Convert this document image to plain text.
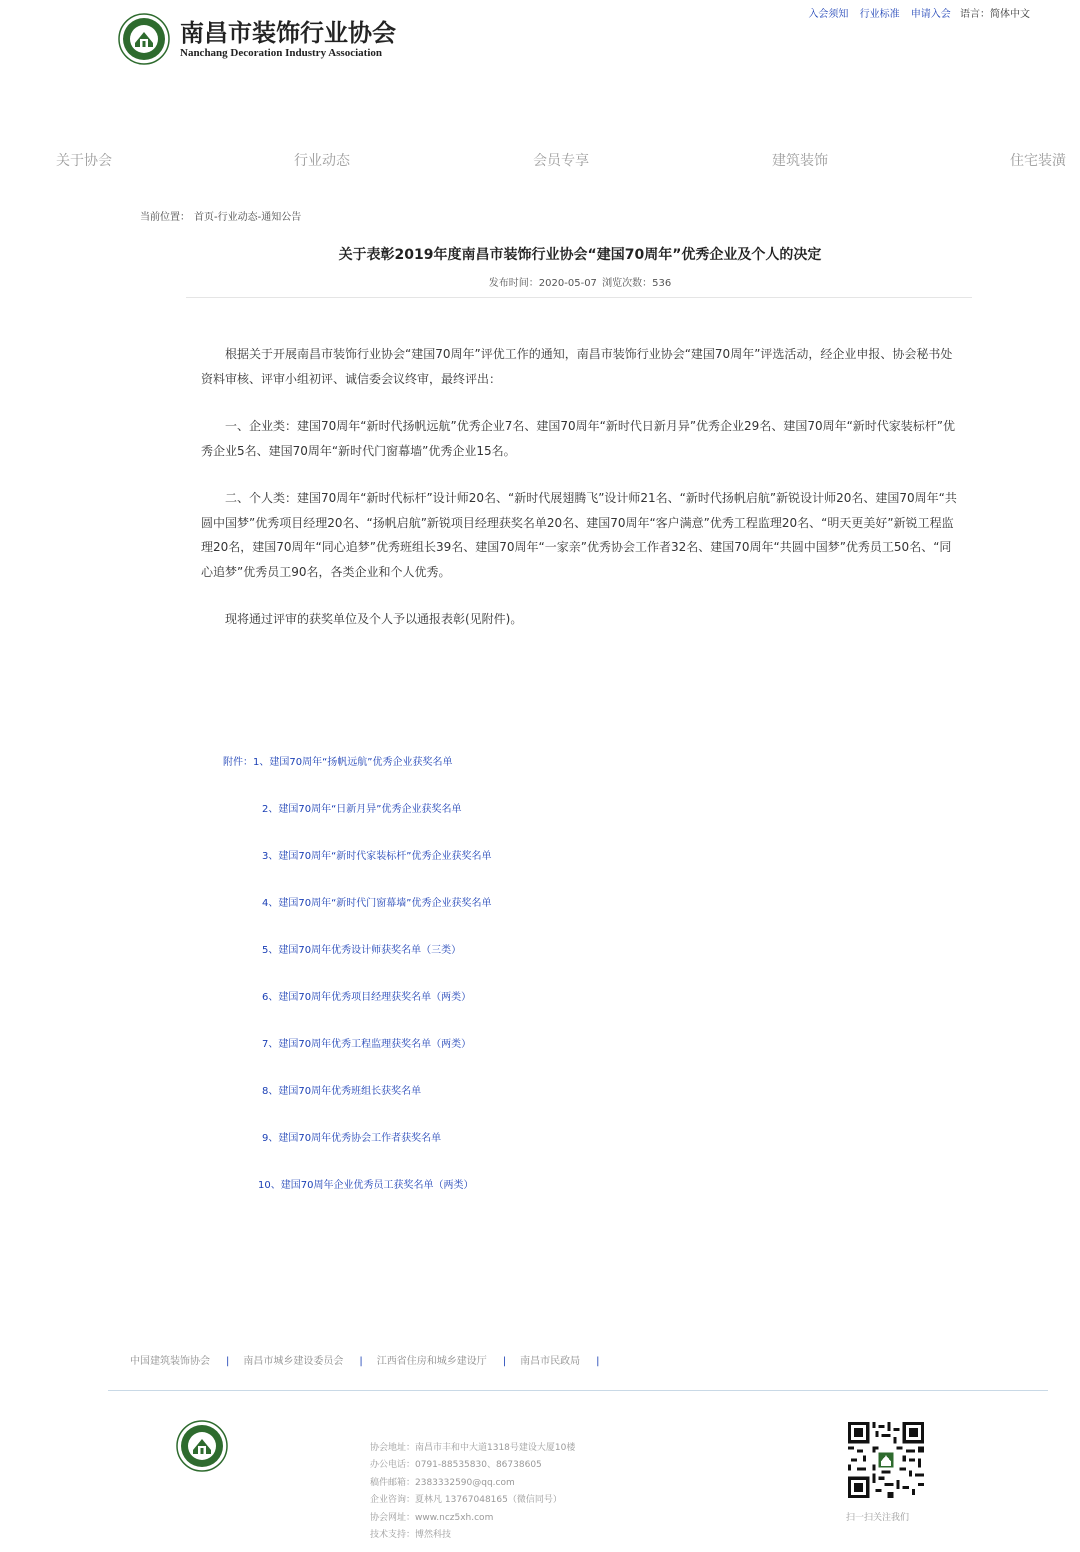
入会须知 行业标准 申请入会 语言：简体中文
南昌市装饰行业协会
Nanchang Decoration Industry Association
关于协会	行业动态	会员专享	建筑装饰	住宅装潢
当前位置： 首页-行业动态-通知公告
关于表彰2019年度南昌市装饰行业协会“建国70周年”优秀企业及个人的决定
发布时间：2020-05-07 浏览次数：536

根据关于开展南昌市装饰行业协会“建国70周年”评优工作的通知，南昌市装饰行业协会“建国70周年”评选活动，经企业申报、协会秘书处资料审核、评审小组初评、诚信委会议终审，最终评出：

一、企业类：建国70周年“新时代扬帆远航”优秀企业7名、建国70周年“新时代日新月异”优秀企业29名、建国70周年“新时代家装标杆”优秀企业5名、建国70周年“新时代门窗幕墙”优秀企业15名。

二、个人类：建国70周年“新时代标杆”设计师20名、“新时代展翅腾飞”设计师21名、“新时代扬帆启航”新锐设计师20名、建国70周年“共圆中国梦”优秀项目经理20名、“扬帆启航”新锐项目经理获奖名单20名、建国70周年“客户满意”优秀工程监理20名、“明天更美好”新锐工程监理20名，建国70周年“同心追梦”优秀班组长39名、建国70周年“一家亲”优秀协会工作者32名、建国70周年“共圆中国梦”优秀员工50名、“同心追梦”优秀员工90名，各类企业和个人优秀。

现将通过评审的获奖单位及个人予以通报表彰(见附件)。

附件：1、建国70周年“扬帆远航”优秀企业获奖名单
2、建国70周年“日新月异”优秀企业获奖名单
3、建国70周年“新时代家装标杆”优秀企业获奖名单
4、建国70周年“新时代门窗幕墙”优秀企业获奖名单
5、建国70周年优秀设计师获奖名单（三类）
6、建国70周年优秀项目经理获奖名单（两类）
7、建国70周年优秀工程监理获奖名单（两类）
8、建国70周年优秀班组长获奖名单
9、建国70周年优秀协会工作者获奖名单
10、建国70周年企业优秀员工获奖名单（两类）
中国建筑装饰协会 | 南昌市城乡建设委员会 | 江西省住房和城乡建设厅 | 南昌市民政局 |
协会地址：南昌市丰和中大道1318号建设大厦10楼
办公电话：0791-88535830、86738605
稿件邮箱：2383332590@qq.com
企业咨询：夏林凡 13767048165（微信同号）
协会网址：www.ncz5xh.com
技术支持：博然科技
扫一扫关注我们
